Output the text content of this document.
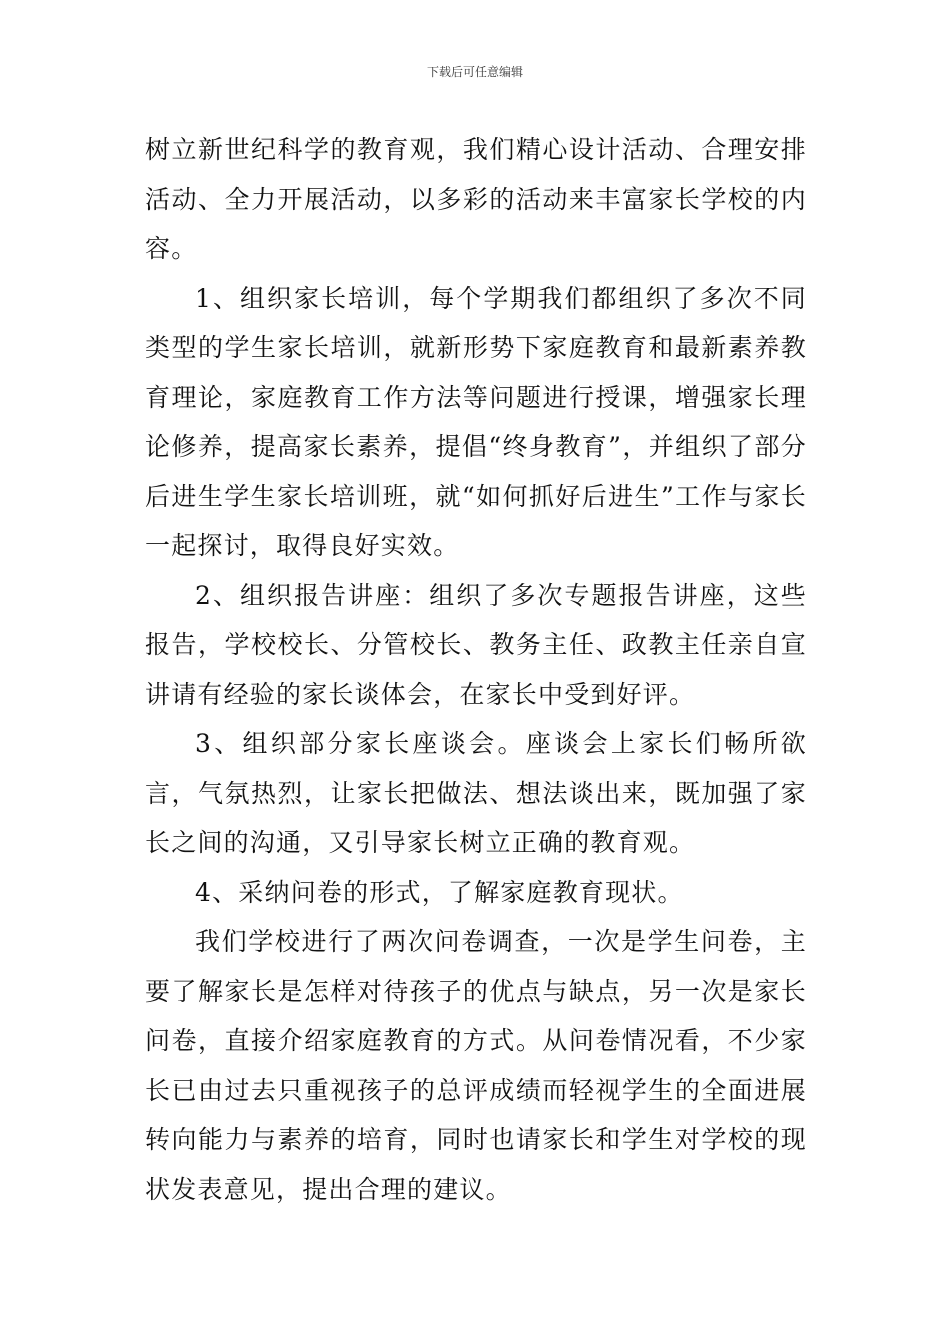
下载后可任意编辑

树立新世纪科学的教育观，我们精心设计活动、合理安排活动、全力开展活动，以多彩的活动来丰富家长学校的内容。

1、组织家长培训，每个学期我们都组织了多次不同类型的学生家长培训，就新形势下家庭教育和最新素养教育理论，家庭教育工作方法等问题进行授课，增强家长理论修养，提高家长素养，提倡“终身教育”，并组织了部分后进生学生家长培训班，就“如何抓好后进生”工作与家长一起探讨，取得良好实效。

2、组织报告讲座：组织了多次专题报告讲座，这些报告，学校校长、分管校长、教务主任、政教主任亲自宣讲请有经验的家长谈体会，在家长中受到好评。

3、组织部分家长座谈会。座谈会上家长们畅所欲言，气氛热烈，让家长把做法、想法谈出来，既加强了家长之间的沟通，又引导家长树立正确的教育观。

4、采纳问卷的形式，了解家庭教育现状。

我们学校进行了两次问卷调查，一次是学生问卷，主要了解家长是怎样对待孩子的优点与缺点，另一次是家长问卷，直接介绍家庭教育的方式。从问卷情况看，不少家长已由过去只重视孩子的总评成绩而轻视学生的全面进展转向能力与素养的培育，同时也请家长和学生对学校的现状发表意见，提出合理的建议。
